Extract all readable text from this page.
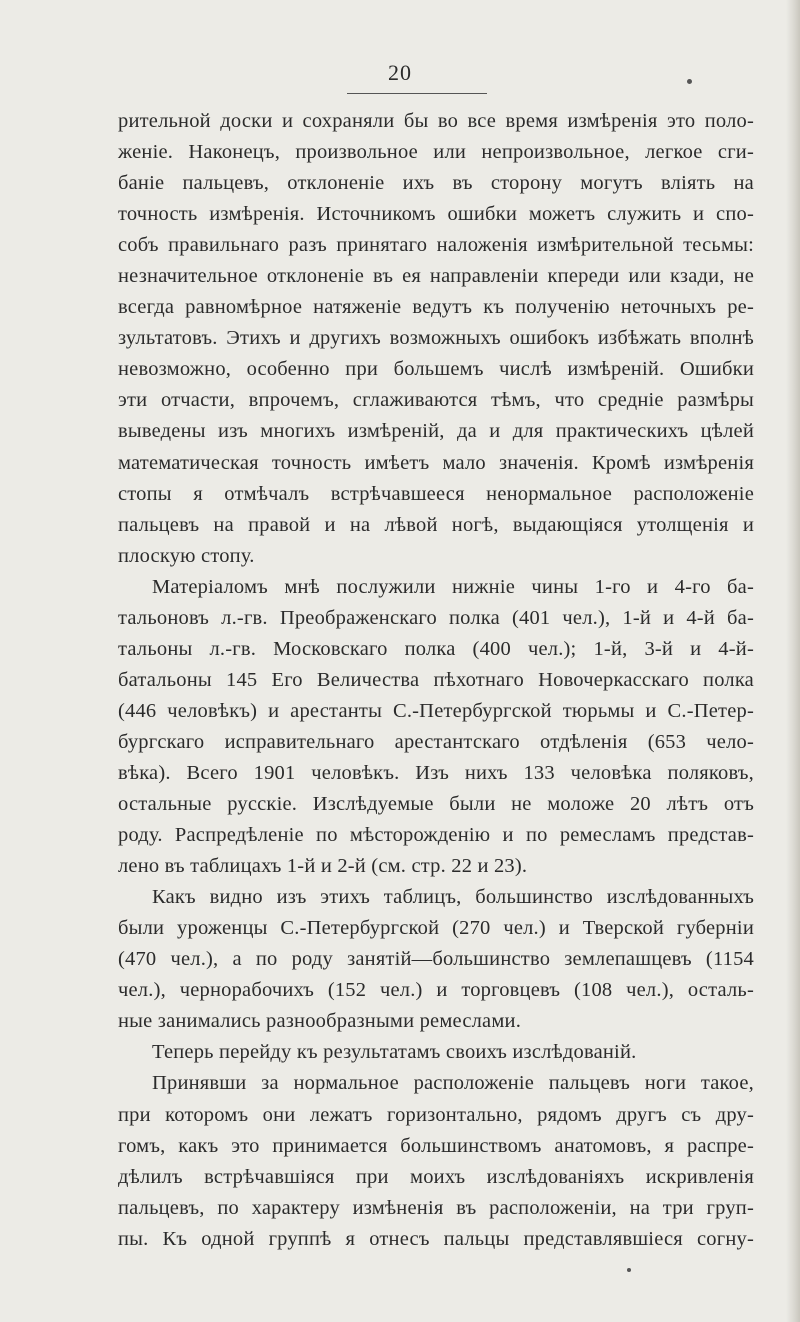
20
рительной доски и сохраняли бы во все время измѣренія это поло-
женіе. Наконецъ, произвольное или непроизвольное, легкое сги-
баніе пальцевъ, отклоненіе ихъ въ сторону могутъ вліять на
точность измѣренія. Источникомъ ошибки можетъ служить и спо-
собъ правильнаго разъ принятаго наложенія измѣрительной тесьмы:
незначительное отклоненіе въ ея направленіи кпереди или кзади, не
всегда равномѣрное натяженіе ведутъ къ полученію неточныхъ ре-
зультатовъ. Этихъ и другихъ возможныхъ ошибокъ избѣжать вполнѣ
невозможно, особенно при большемъ числѣ измѣреній. Ошибки
эти отчасти, впрочемъ, сглаживаются тѣмъ, что средніе размѣры
выведены изъ многихъ измѣреній, да и для практическихъ цѣлей
математическая точность имѣетъ мало значенія. Кромѣ измѣренія
стопы я отмѣчалъ встрѣчавшееся ненормальное расположеніе
пальцевъ на правой и на лѣвой ногѣ, выдающіяся утолщенія и
плоскую стопу.
Матеріаломъ мнѣ послужили нижніе чины 1-го и 4-го ба-
тальоновъ л.-гв. Преображенскаго полка (401 чел.), 1-й и 4-й ба-
тальоны л.-гв. Московскаго полка (400 чел.); 1-й, 3-й и 4-й-
батальоны 145 Его Величества пѣхотнаго Новочеркасскаго полка
(446 человѣкъ) и арестанты С.-Петербургской тюрьмы и С.-Петер-
бургскаго исправительнаго арестантскаго отдѣленія (653 чело-
вѣка). Всего 1901 человѣкъ. Изъ нихъ 133 человѣка поляковъ,
остальные русскіе. Изслѣдуемые были не моложе 20 лѣтъ отъ
роду. Распредѣленіе по мѣсторожденію и по ремесламъ представ-
лено въ таблицахъ 1-й и 2-й (см. стр. 22 и 23).
Какъ видно изъ этихъ таблицъ, большинство изслѣдованныхъ
были уроженцы С.-Петербургской (270 чел.) и Тверской губерніи
(470 чел.), а по роду занятій—большинство землепашцевъ (1154
чел.), чернорабочихъ (152 чел.) и торговцевъ (108 чел.), осталь-
ные занимались разнообразными ремеслами.
Теперь перейду къ результатамъ своихъ изслѣдованій.
Принявши за нормальное расположеніе пальцевъ ноги такое,
при которомъ они лежатъ горизонтально, рядомъ другъ съ дру-
гомъ, какъ это принимается большинствомъ анатомовъ, я распре-
дѣлилъ встрѣчавшіяся при моихъ изслѣдованіяхъ искривленія
пальцевъ, по характеру измѣненія въ расположеніи, на три груп-
пы. Къ одной группѣ я отнесъ пальцы представлявшіеся согну-
